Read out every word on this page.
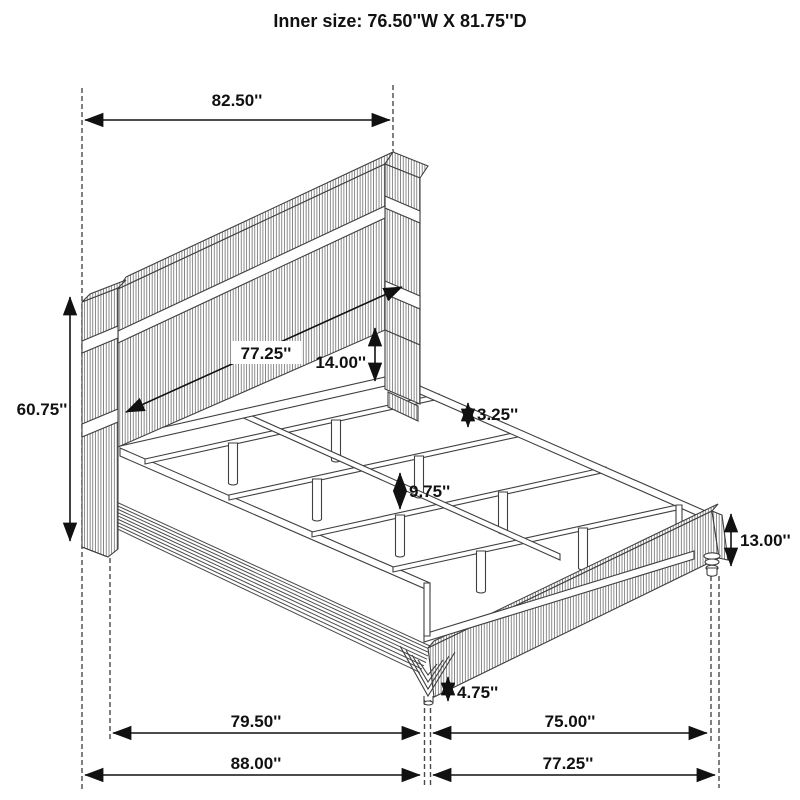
Inner size: 76.50''W X 81.75''D
82.50''
60.75''
77.25'' 14.00''
3.25''
9.75''
13.00''
4.75''
79.50''	75.00''
88.00''	77.25''
